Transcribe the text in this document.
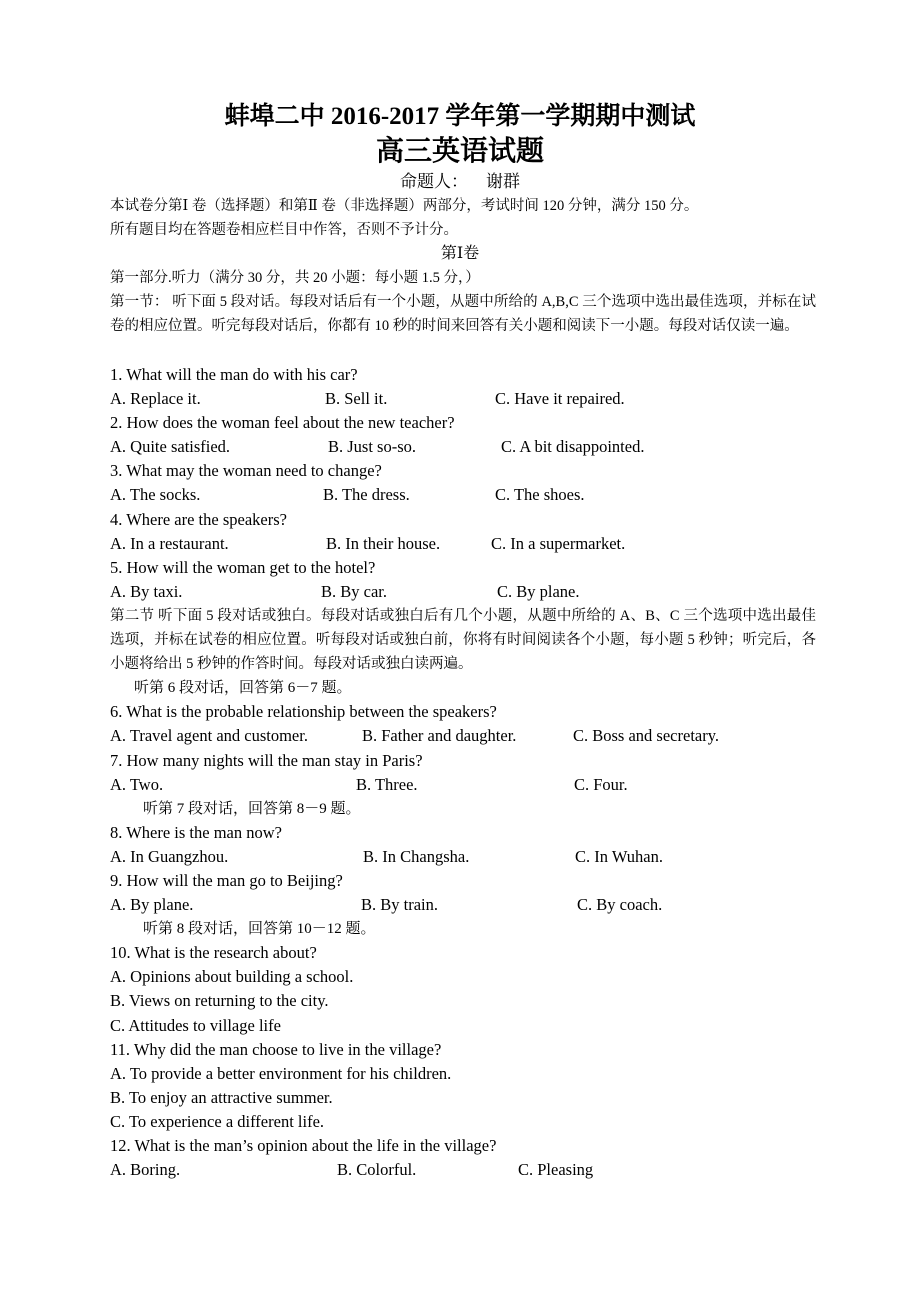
蚌埠二中 2016-2017 学年第一学期期中测试
高三英语试题
命题人： 谢群
本试卷分第Ⅰ 卷（选择题）和第Ⅱ 卷（非选择题）两部分，考试时间 120 分钟，满分 150 分。
所有题目均在答题卷相应栏目中作答，否则不予计分。
第Ⅰ卷
第一部分.听力（满分 30 分，共 20 小题：每小题 1.5 分，）
第一节： 听下面 5 段对话。每段对话后有一个小题，从题中所给的 A,B,C 三个选项中选出最佳选项，并标在试卷的相应位置。听完每段对话后，你都有 10 秒的时间来回答有关小题和阅读下一小题。每段对话仅读一遍。
1. What will the man do with his car?
A. Replace it.	B. Sell it.	C. Have it repaired.
2. How does the woman feel about the new teacher?
A. Quite satisfied.	B. Just so-so.	C. A bit disappointed.
3. What may the woman need to change?
A. The socks.	B. The dress.	C. The shoes.
4. Where are the speakers?
A. In a restaurant.	B. In their house.	C. In a supermarket.
5. How will the woman get to the hotel?
A. By taxi.	B. By car.	C. By plane.
第二节 听下面 5 段对话或独白。每段对话或独白后有几个小题，从题中所给的 A、B、C 三个选项中选出最佳选项，并标在试卷的相应位置。听每段对话或独白前，你将有时间阅读各个小题，每小题 5 秒钟；听完后，各小题将给出 5 秒钟的作答时间。每段对话或独白读两遍。
听第 6 段对话，回答第 6－7 题。
6. What is the probable relationship between the speakers?
A. Travel agent and customer.	B. Father and daughter.	C. Boss and secretary.
7. How many nights will the man stay in Paris?
A. Two.	B. Three.	C. Four.
听第 7 段对话，回答第 8－9 题。
8. Where is the man now?
A. In Guangzhou.	B. In Changsha.	C. In Wuhan.
9. How will the man go to Beijing?
A. By plane.	B. By train.	C. By coach.
听第 8 段对话，回答第 10－12 题。
10. What is the research about?
A. Opinions about building a school.
B. Views on returning to the city.
C. Attitudes to village life
11. Why did the man choose to live in the village?
A. To provide a better environment for his children.
B. To enjoy an attractive summer.
C. To experience a different life.
12. What is the man’s opinion about the life in the village?
A. Boring.	B. Colorful.	C. Pleasing
